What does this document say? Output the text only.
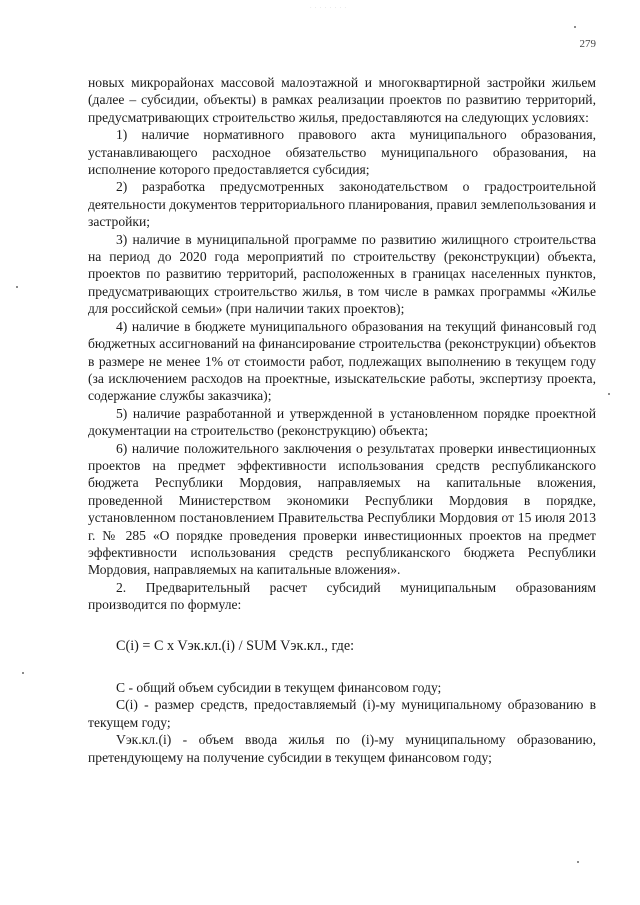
· · · · · · · ·
279

новых микрорайонах массовой малоэтажной и многоквартирной застройки жильем (далее – субсидии, объекты) в рамках реализации проектов по развитию территорий, предусматривающих строительство жилья, предоставляются на следующих условиях:

1) наличие нормативного правового акта муниципального образования, устанавливающего расходное обязательство муниципального образования, на исполнение которого предоставляется субсидия;

2) разработка предусмотренных законодательством о градостроительной деятельности документов территориального планирования, правил землепользования и застройки;

3) наличие в муниципальной программе по развитию жилищного строительства на период до 2020 года мероприятий по строительству (реконструкции) объекта, проектов по развитию территорий, расположенных в границах населенных пунктов, предусматривающих строительство жилья, в том числе в рамках программы «Жилье для российской семьи» (при наличии таких проектов);

4) наличие в бюджете муниципального образования на текущий финансовый год бюджетных ассигнований на финансирование строительства (реконструкции) объектов в размере не менее 1% от стоимости работ, подлежащих выполнению в текущем году (за исключением расходов на проектные, изыскательские работы, экспертизу проекта, содержание службы заказчика);

5) наличие разработанной и утвержденной в установленном порядке проектной документации на строительство (реконструкцию) объекта;

6) наличие положительного заключения о результатах проверки инвестиционных проектов на предмет эффективности использования средств республиканского бюджета Республики Мордовия, направляемых на капитальные вложения, проведенной Министерством экономики Республики Мордовия в порядке, установленном постановлением Правительства Республики Мордовия от 15 июля 2013 г. № 285 «О порядке проведения проверки инвестиционных проектов на предмет эффективности использования средств республиканского бюджета Республики Мордовия, направляемых на капитальные вложения».

2. Предварительный расчет субсидий муниципальным образованиям производится по формуле:

C(i) = C x Vэк.кл.(i) / SUM Vэк.кл., где:

C - общий объем субсидии в текущем финансовом году;

C(i) - размер средств, предоставляемый (i)-му муниципальному образованию в текущем году;

Vэк.кл.(i) - объем ввода жилья по (i)-му муниципальному образованию, претендующему на получение субсидии в текущем финансовом году;
